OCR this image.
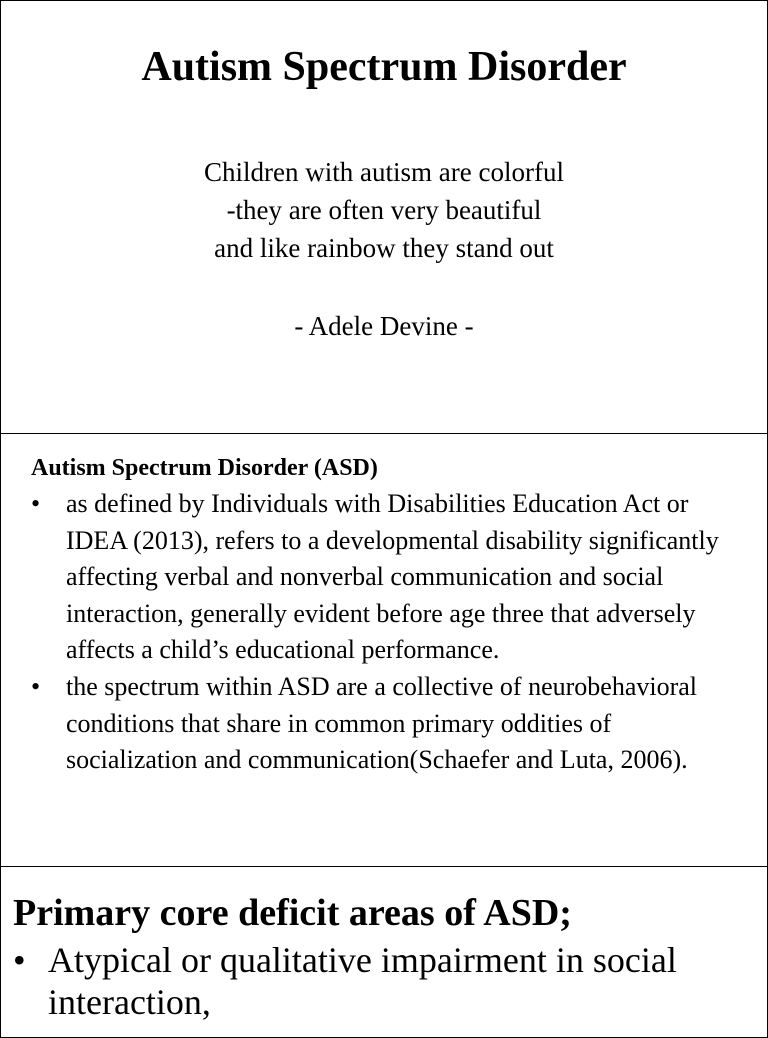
Autism Spectrum Disorder
Children with autism are colorful
-they are often very beautiful
and like rainbow they stand out
- Adele Devine -
Autism Spectrum Disorder (ASD)
• as defined by Individuals with Disabilities Education Act or IDEA (2013), refers to a developmental disability significantly affecting verbal and nonverbal communication and social interaction, generally evident before age three that adversely affects a child’s educational performance.
• the spectrum within ASD are a collective of neurobehavioral conditions that share in common primary oddities of socialization and communication(Schaefer and Luta, 2006).
Primary core deficit areas of ASD;
• Atypical or qualitative impairment in social interaction,
